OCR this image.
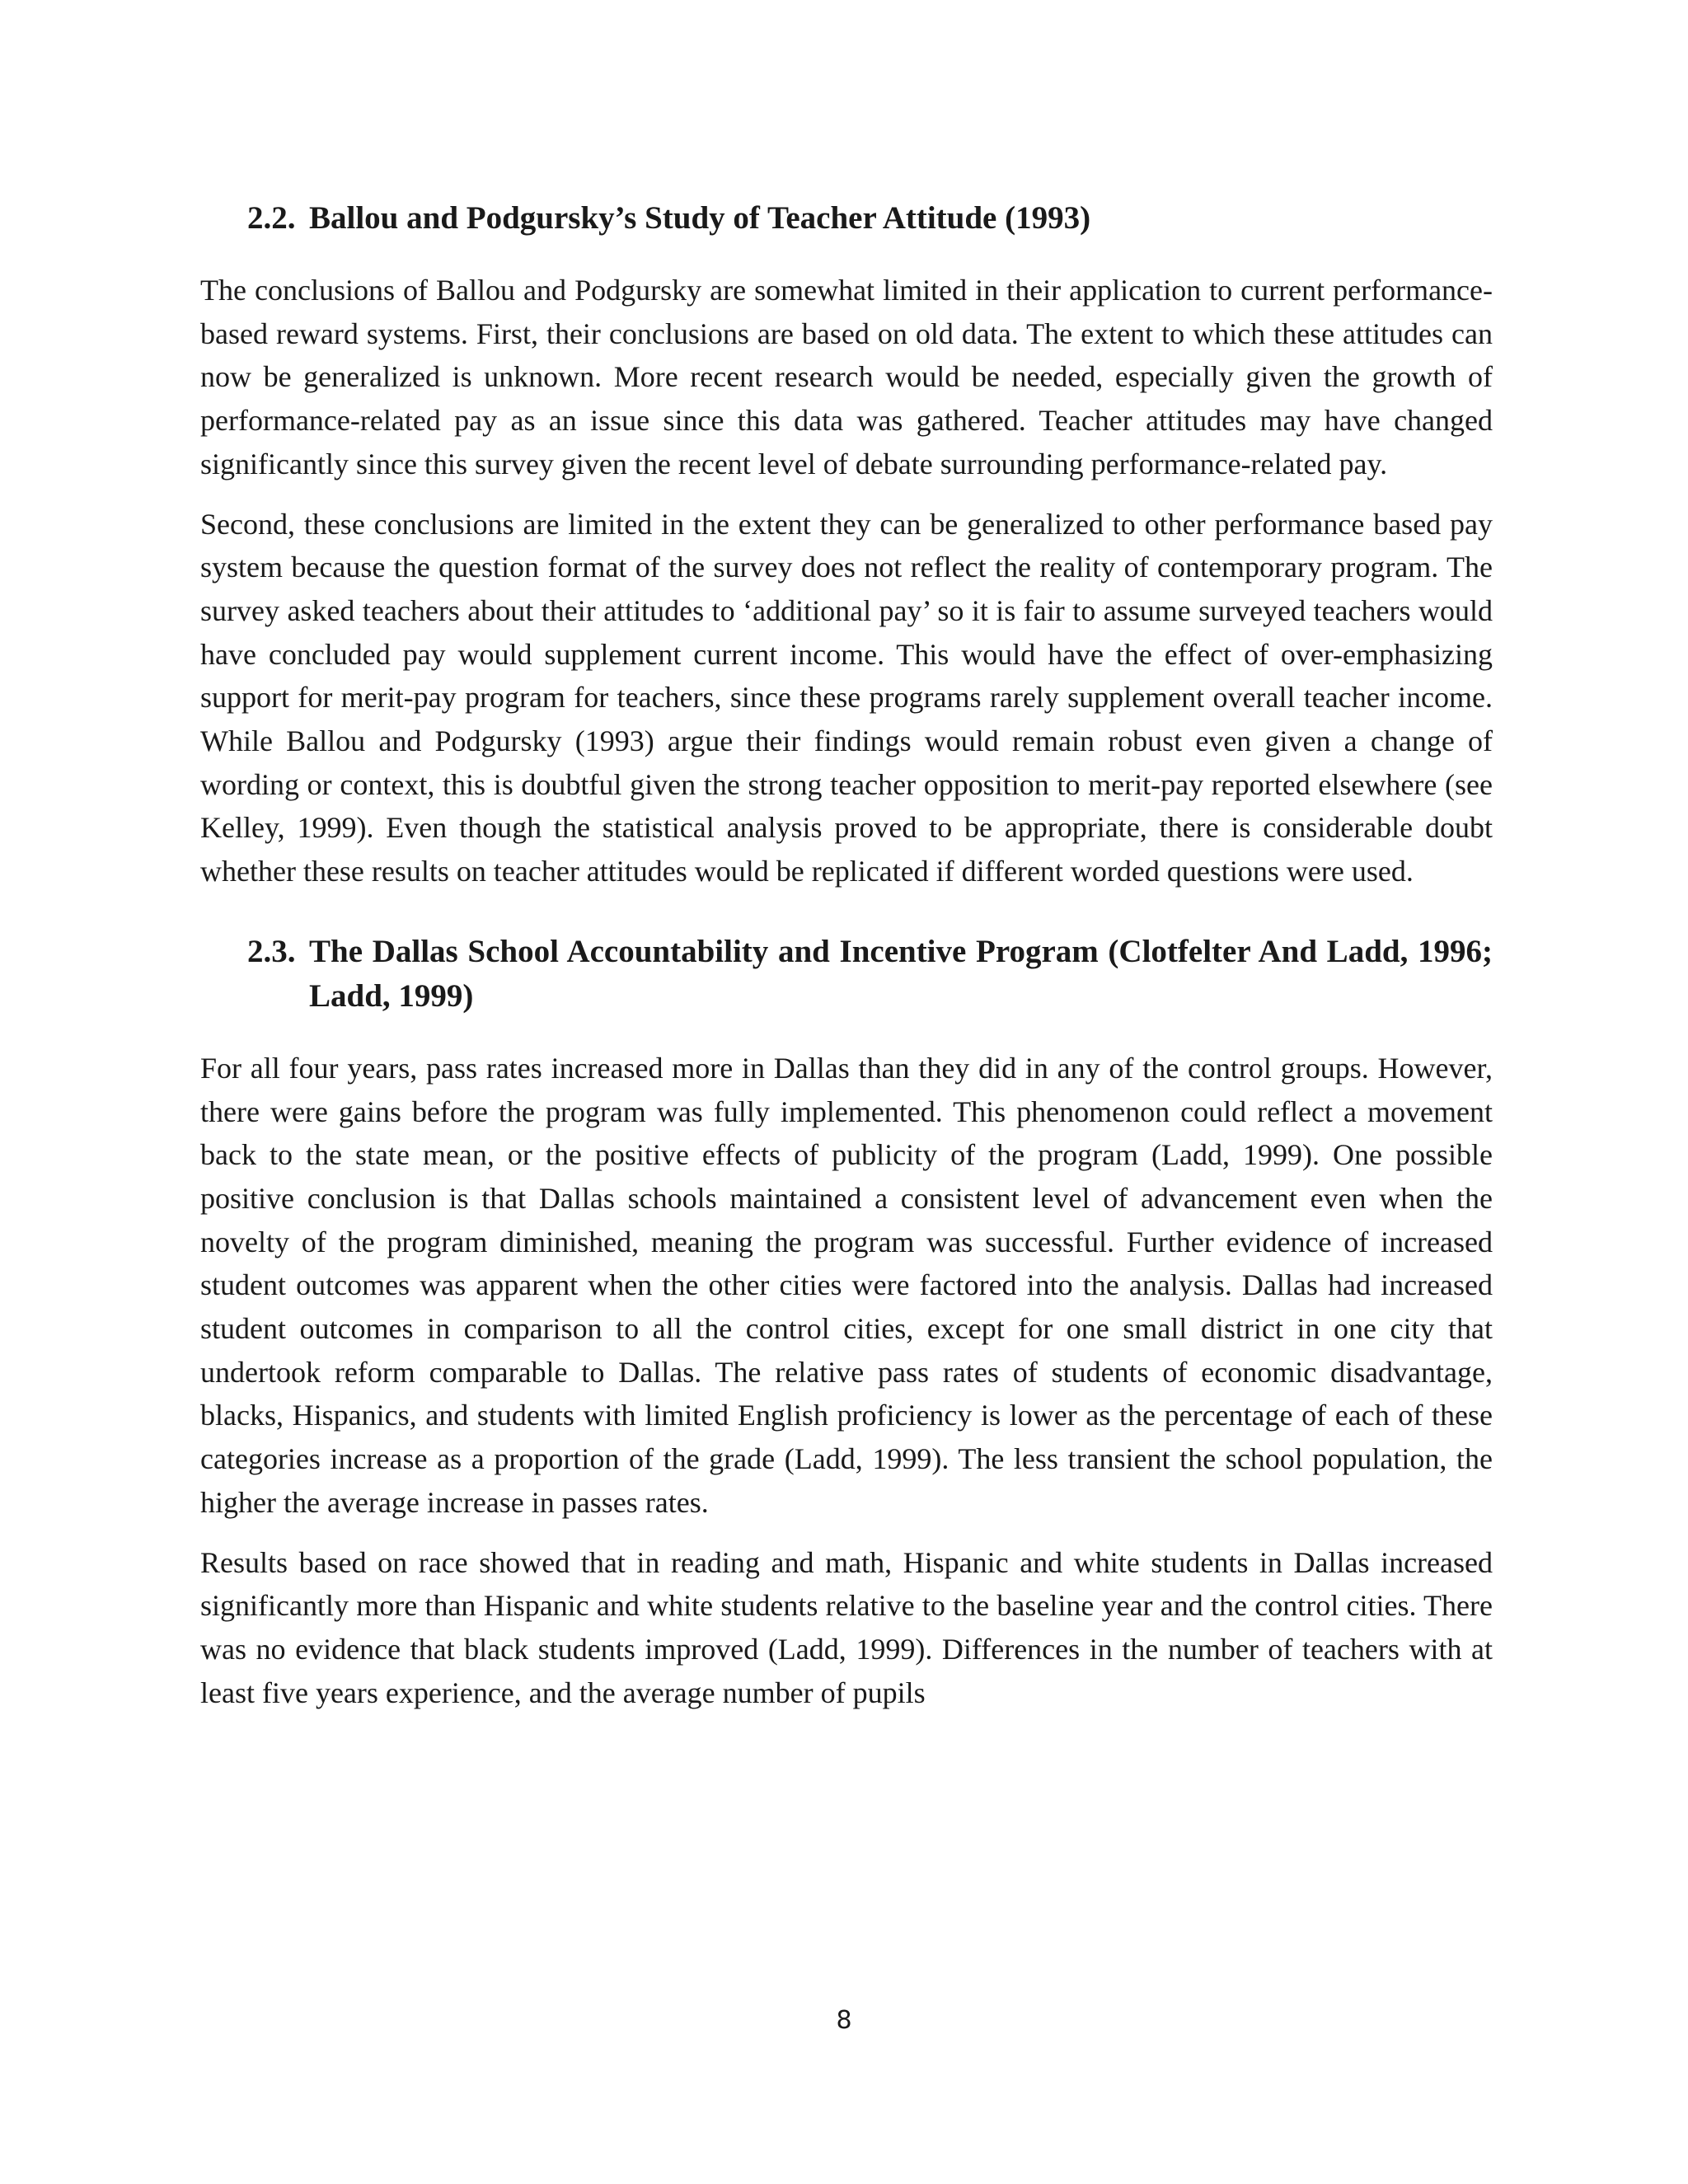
2.2. Ballou and Podgursky’s Study of Teacher Attitude (1993)

The conclusions of Ballou and Podgursky are somewhat limited in their application to current performance-based reward systems. First, their conclusions are based on old data. The extent to which these attitudes can now be generalized is unknown. More recent research would be needed, especially given the growth of performance-related pay as an issue since this data was gathered. Teacher attitudes may have changed significantly since this survey given the recent level of debate surrounding performance-related pay.

Second, these conclusions are limited in the extent they can be generalized to other performance based pay system because the question format of the survey does not reflect the reality of contemporary program. The survey asked teachers about their attitudes to ‘additional pay’ so it is fair to assume surveyed teachers would have concluded pay would supplement current income. This would have the effect of over-emphasizing support for merit-pay program for teachers, since these programs rarely supplement overall teacher income. While Ballou and Podgursky (1993) argue their findings would remain robust even given a change of wording or context, this is doubtful given the strong teacher opposition to merit-pay reported elsewhere (see Kelley, 1999). Even though the statistical analysis proved to be appropriate, there is considerable doubt whether these results on teacher attitudes would be replicated if different worded questions were used.

2.3. The Dallas School Accountability and Incentive Program (Clotfelter And Ladd, 1996; Ladd, 1999)

For all four years, pass rates increased more in Dallas than they did in any of the control groups. However, there were gains before the program was fully implemented. This phenomenon could reflect a movement back to the state mean, or the positive effects of publicity of the program (Ladd, 1999). One possible positive conclusion is that Dallas schools maintained a consistent level of advancement even when the novelty of the program diminished, meaning the program was successful. Further evidence of increased student outcomes was apparent when the other cities were factored into the analysis. Dallas had increased student outcomes in comparison to all the control cities, except for one small district in one city that undertook reform comparable to Dallas. The relative pass rates of students of economic disadvantage, blacks, Hispanics, and students with limited English proficiency is lower as the percentage of each of these categories increase as a proportion of the grade (Ladd, 1999). The less transient the school population, the higher the average increase in passes rates.

Results based on race showed that in reading and math, Hispanic and white students in Dallas increased significantly more than Hispanic and white students relative to the baseline year and the control cities. There was no evidence that black students improved (Ladd, 1999). Differences in the number of teachers with at least five years experience, and the average number of pupils

8
